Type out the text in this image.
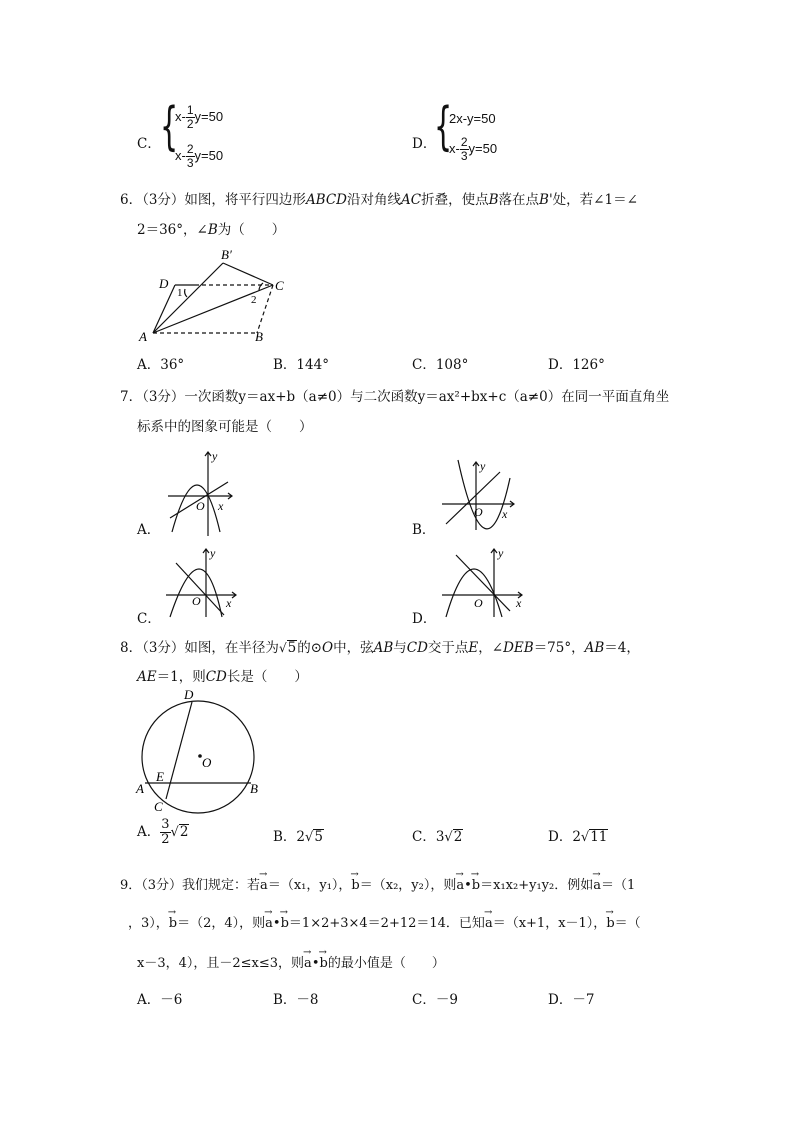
C． {
$x- \frac{1}{2} y=50$
$x- \frac{2}{3} y=50$
D．
{
2x-y=50
$x- \frac{2}{3} y=50$
6．（3分）如图，将平行四边形ABCD沿对角线AC折叠，使点B落在点B'处，若∠1＝∠
2＝36°，∠B为（　　）
B′
D	C
A	B
1
2
A．36°	B．144°	C．108°	D．126°
7．（3分）一次函数y＝ax+b（a≠0）与二次函数y＝ax²+bx+c（a≠0）在同一平面直角坐
标系中的图象可能是（　　）
A．
y
x
O
B．
y
x
O
C．
y
x
O
D．
y
x
O
8．（3分）如图，在半径为√5的⊙O中，弦AB与CD交于点E，∠DEB＝75°，AB＝4，
AE＝1，则CD长是（　　）
D
O
A
E
B
C
A． $\frac{3}{2} √2$	B．2√5	C．3√2	D．2√11
9．（3分）我们规定：若→ a＝（x₁，y₁），→ b＝（x₂，y₂），则→ a•→ b＝x₁x₂+y₁y₂．例如→ a＝（1
，3），→ b＝（2，4），则→ a•→ b＝1×2+3×4＝2+12＝14．已知→ a＝（x+1，x－1），→ b＝（
x－3，4），且－2≤x≤3，则→ a•→ b的最小值是（　　）
A．－6	B．－8	C．－9	D．－7
